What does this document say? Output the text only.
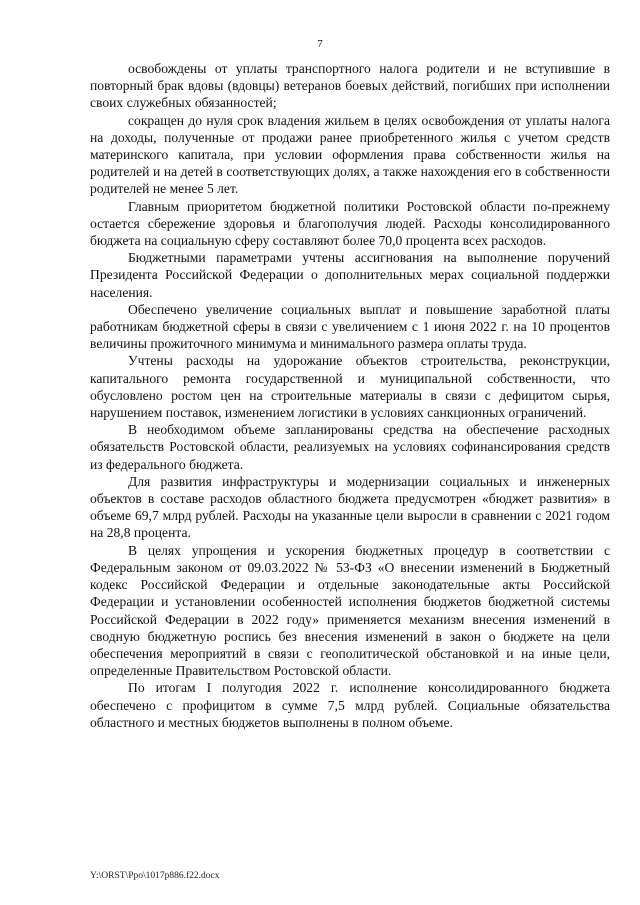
7

освобождены от уплаты транспортного налога родители и не вступившие в повторный брак вдовы (вдовцы) ветеранов боевых действий, погибших при исполнении своих служебных обязанностей;

сокращен до нуля срок владения жильем в целях освобождения от уплаты налога на доходы, полученные от продажи ранее приобретенного жилья с учетом средств материнского капитала, при условии оформления права собственности жилья на родителей и на детей в соответствующих долях, а также нахождения его в собственности родителей не менее 5 лет.

Главным приоритетом бюджетной политики Ростовской области по-прежнему остается сбережение здоровья и благополучия людей. Расходы консолидированного бюджета на социальную сферу составляют более 70,0 процента всех расходов.

Бюджетными параметрами учтены ассигнования на выполнение поручений Президента Российской Федерации о дополнительных мерах социальной поддержки населения.

Обеспечено увеличение социальных выплат и повышение заработной платы работникам бюджетной сферы в связи с увеличением с 1 июня 2022 г. на 10 процентов величины прожиточного минимума и минимального размера оплаты труда.

Учтены расходы на удорожание объектов строительства, реконструкции, капитального ремонта государственной и муниципальной собственности, что обусловлено ростом цен на строительные материалы в связи с дефицитом сырья, нарушением поставок, изменением логистики в условиях санкционных ограничений.

В необходимом объеме запланированы средства на обеспечение расходных обязательств Ростовской области, реализуемых на условиях софинансирования средств из федерального бюджета.

Для развития инфраструктуры и модернизации социальных и инженерных объектов в составе расходов областного бюджета предусмотрен «бюджет развития» в объеме 69,7 млрд рублей. Расходы на указанные цели выросли в сравнении с 2021 годом на 28,8 процента.

В целях упрощения и ускорения бюджетных процедур в соответствии с Федеральным законом от 09.03.2022 № 53-ФЗ «О внесении изменений в Бюджетный кодекс Российской Федерации и отдельные законодательные акты Российской Федерации и установлении особенностей исполнения бюджетов бюджетной системы Российской Федерации в 2022 году» применяется механизм внесения изменений в сводную бюджетную роспись без внесения изменений в закон о бюджете на цели обеспечения мероприятий в связи с геополитической обстановкой и на иные цели, определенные Правительством Ростовской области.

По итогам I полугодия 2022 г. исполнение консолидированного бюджета обеспечено с профицитом в сумме 7,5 млрд рублей. Социальные обязательства областного и местных бюджетов выполнены в полном объеме.

Y:\ORST\Ppo\1017p886.f22.docx
